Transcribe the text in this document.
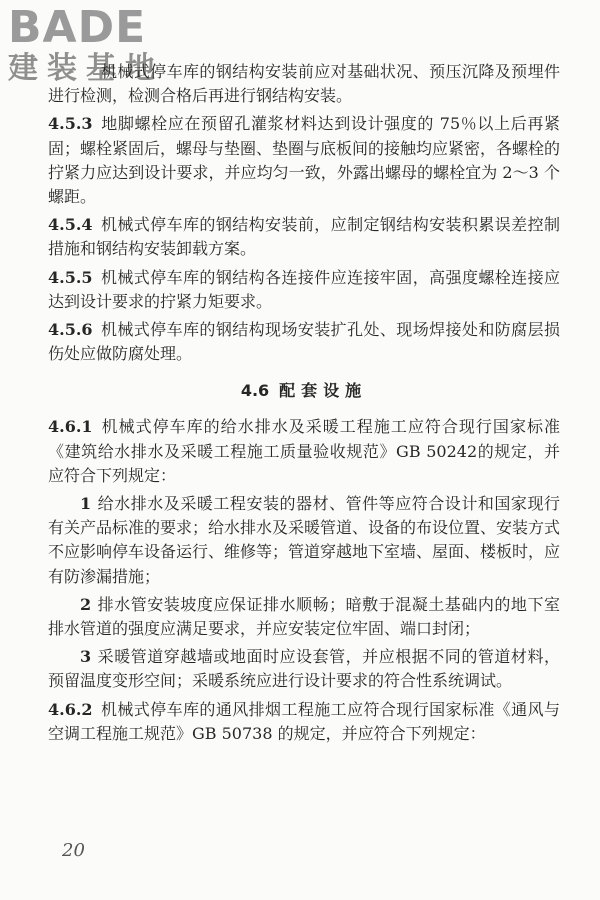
BADE
建装基地

机械式停车库的钢结构安装前应对基础状况、预压沉降及预埋件进行检测，检测合格后再进行钢结构安装。

4.5.3 地脚螺栓应在预留孔灌浆材料达到设计强度的 75％以上后再紧固；螺栓紧固后，螺母与垫圈、垫圈与底板间的接触均应紧密，各螺栓的拧紧力应达到设计要求，并应均匀一致，外露出螺母的螺栓宜为 2～3 个螺距。

4.5.4 机械式停车库的钢结构安装前，应制定钢结构安装积累误差控制措施和钢结构安装卸载方案。

4.5.5 机械式停车库的钢结构各连接件应连接牢固，高强度螺栓连接应达到设计要求的拧紧力矩要求。

4.5.6 机械式停车库的钢结构现场安装扩孔处、现场焊接处和防腐层损伤处应做防腐处理。

4.6 配套设施

4.6.1 机械式停车库的给水排水及采暖工程施工应符合现行国家标准《建筑给水排水及采暖工程施工质量验收规范》GB 50242的规定，并应符合下列规定：

1 给水排水及采暖工程安装的器材、管件等应符合设计和国家现行有关产品标准的要求；给水排水及采暖管道、设备的布设位置、安装方式不应影响停车设备运行、维修等；管道穿越地下室墙、屋面、楼板时，应有防渗漏措施；

2 排水管安装坡度应保证排水顺畅；暗敷于混凝土基础内的地下室排水管道的强度应满足要求，并应安装定位牢固、端口封闭；

3 采暖管道穿越墙或地面时应设套管，并应根据不同的管道材料，预留温度变形空间；采暖系统应进行设计要求的符合性系统调试。

4.6.2 机械式停车库的通风排烟工程施工应符合现行国家标准《通风与空调工程施工规范》GB 50738 的规定，并应符合下列规定：

20
